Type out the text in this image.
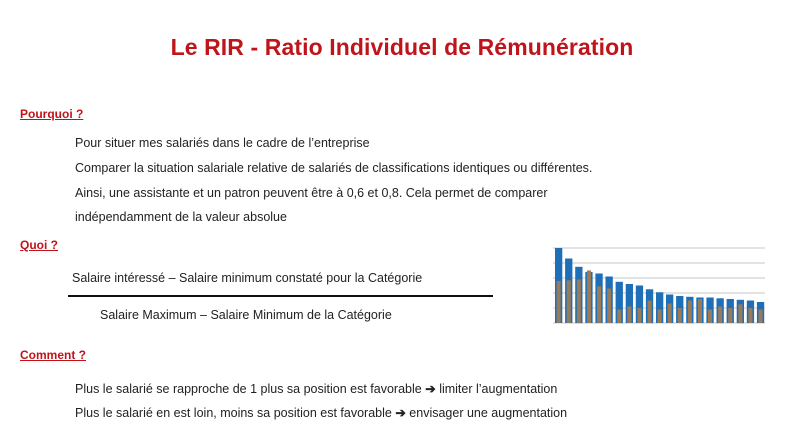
Le RIR - Ratio Individuel de Rémunération
Pourquoi ?
Pour situer mes salariés dans le cadre de l’entreprise
Comparer la situation salariale relative de salariés de classifications identiques ou différentes.
Ainsi, une assistante et un patron peuvent être à 0,6 et 0,8. Cela permet de comparer
indépendamment de la valeur absolue
Quoi ?
Salaire intéressé – Salaire minimum constaté pour la Catégorie
Salaire Maximum – Salaire Minimum de la Catégorie
Comment ?
Plus le salarié se rapproche de 1 plus sa position est favorable ➔ limiter l’augmentation
Plus le salarié en est loin, moins sa position est favorable ➔ envisager une augmentation
